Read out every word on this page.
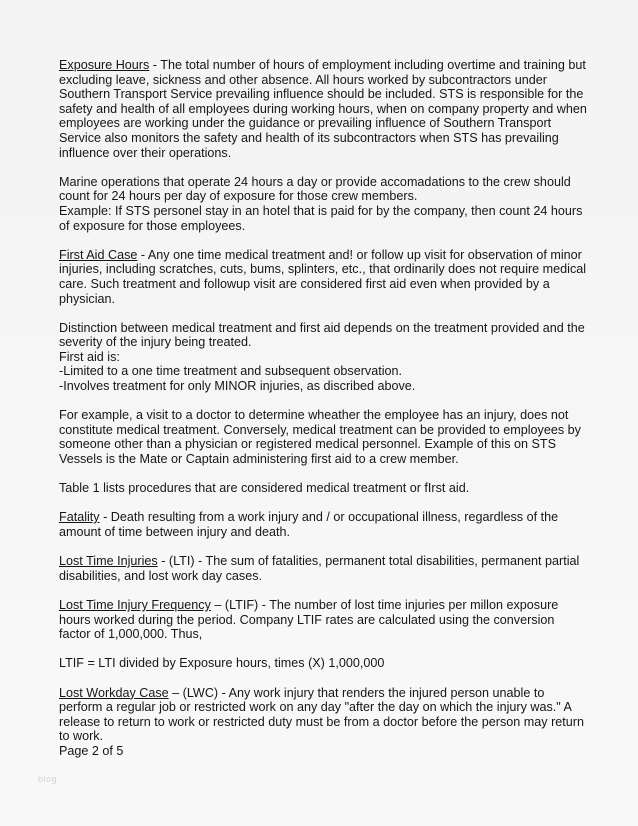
Exposure Hours - The total number of hours of employment including overtime and training but excluding leave, sickness and other absence. All hours worked by subcontractors under Southern Transport Service prevailing influence should be included. STS is responsible for the safety and health of all employees during working hours, when on company property and when employees are working under the guidance or prevailing influence of Southern Transport Service also monitors the safety and health of its subcontractors when STS has prevailing influence over their operations.

Marine operations that operate 24 hours a day or provide accomadations to the crew should count for 24 hours per day of exposure for those crew members.
Example: If STS personel stay in an hotel that is paid for by the company, then count 24 hours of exposure for those employees.

First Aid Case - Any one time medical treatment and! or follow up visit for observation of minor injuries, including scratches, cuts, bums, splinters, etc., that ordinarily does not require medical care. Such treatment and followup visit are considered first aid even when provided by a physician.

Distinction between medical treatment and first aid depends on the treatment provided and the severity of the injury being treated.
First aid is:
-Limited to a one time treatment and subsequent observation.
-Involves treatment for only MINOR injuries, as discribed above.

For example, a visit to a doctor to determine wheather the employee has an injury, does not constitute medical treatment. Conversely, medical treatment can be provided to employees by someone other than a physician or registered medical personnel. Example of this on STS Vessels is the Mate or Captain administering first aid to a crew member.

Table 1 lists procedures that are considered medical treatment or fIrst aid.

Fatality - Death resulting from a work injury and / or occupational illness, regardless of the amount of time between injury and death.

Lost Time Injuries - (LTI) - The sum of fatalities, permanent total disabilities, permanent partial disabilities, and lost work day cases.

Lost Time Injury Frequency – (LTIF) - The number of lost time injuries per millon exposure hours worked during the period. Company LTIF rates are calculated using the conversion factor of 1,000,000. Thus,

LTIF = LTI divided by Exposure hours, times (X) 1,000,000

Lost Workday Case – (LWC) - Any work injury that renders the injured person unable to perform a regular job or restricted work on any day "after the day on which the injury was." A release to return to work or restricted duty must be from a doctor before the person may return to work.

Page 2 of 5

blog
